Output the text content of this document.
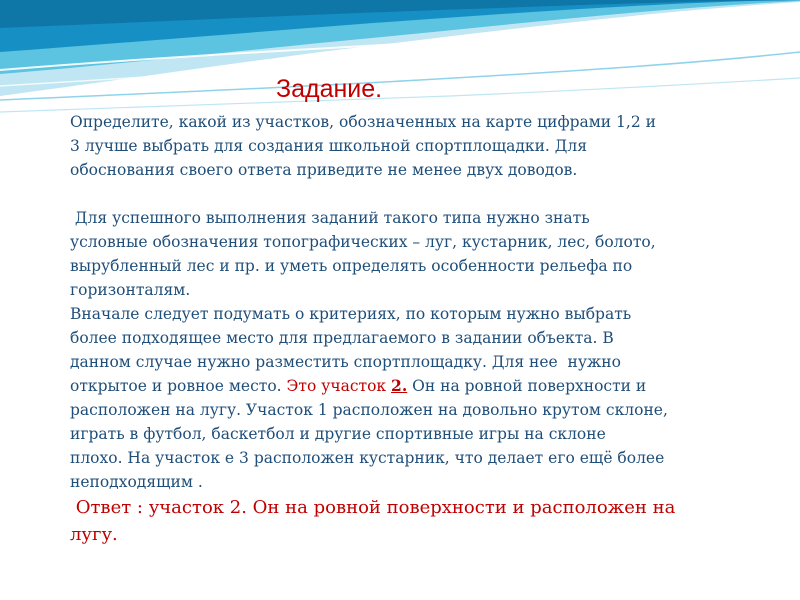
Задание.

Определите, какой из участков, обозначенных на карте цифрами 1,2 и
3 лучше выбрать для создания школьной спортплощадки. Для
обоснования своего ответа приведите не менее двух доводов.

Для успешного выполнения заданий такого типа нужно знать
условные обозначения топографических – луг, кустарник, лес, болото,
вырубленный лес и пр. и уметь определять особенности рельефа по
горизонталям.

Вначале следует подумать о критериях, по которым нужно выбрать
более подходящее место для предлагаемого в задании объекта. В
данном случае нужно разместить спортплощадку. Для нее  нужно
открытое и ровное место. Это участок 2. Он на ровной поверхности и
расположен на лугу. Участок 1 расположен на довольно крутом склоне,
играть в футбол, баскетбол и другие спортивные игры на склоне
плохо. На участок е 3 расположен кустарник, что делает его ещё более
неподходящим .

Ответ : участок 2. Он на ровной поверхности и расположен на
лугу.
